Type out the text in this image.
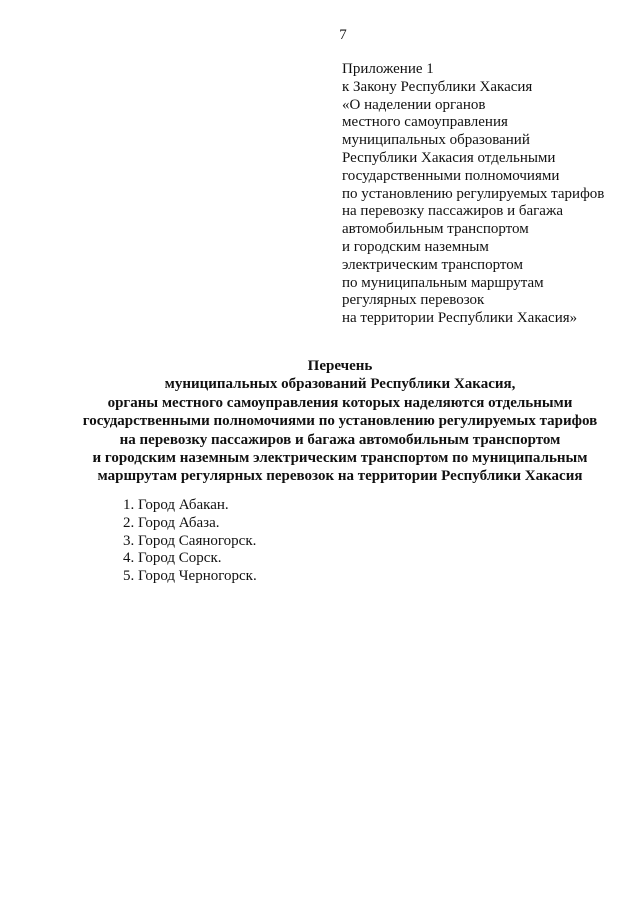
7
Приложение 1
к Закону Республики Хакасия
«О наделении органов
местного самоуправления
муниципальных образований
Республики Хакасия отдельными
государственными полномочиями
по установлению регулируемых тарифов
на перевозку пассажиров и багажа
автомобильным транспортом
и городским наземным
электрическим транспортом
по муниципальным маршрутам
регулярных перевозок
на территории Республики Хакасия»
Перечень
муниципальных образований Республики Хакасия,
органы местного самоуправления которых наделяются отдельными
государственными полномочиями по установлению регулируемых тарифов
на перевозку пассажиров и багажа автомобильным транспортом
и городским наземным электрическим транспортом по муниципальным
маршрутам регулярных перевозок на территории Республики Хакасия
1. Город Абакан.
2. Город Абаза.
3. Город Саяногорск.
4. Город Сорск.
5. Город Черногорск.
